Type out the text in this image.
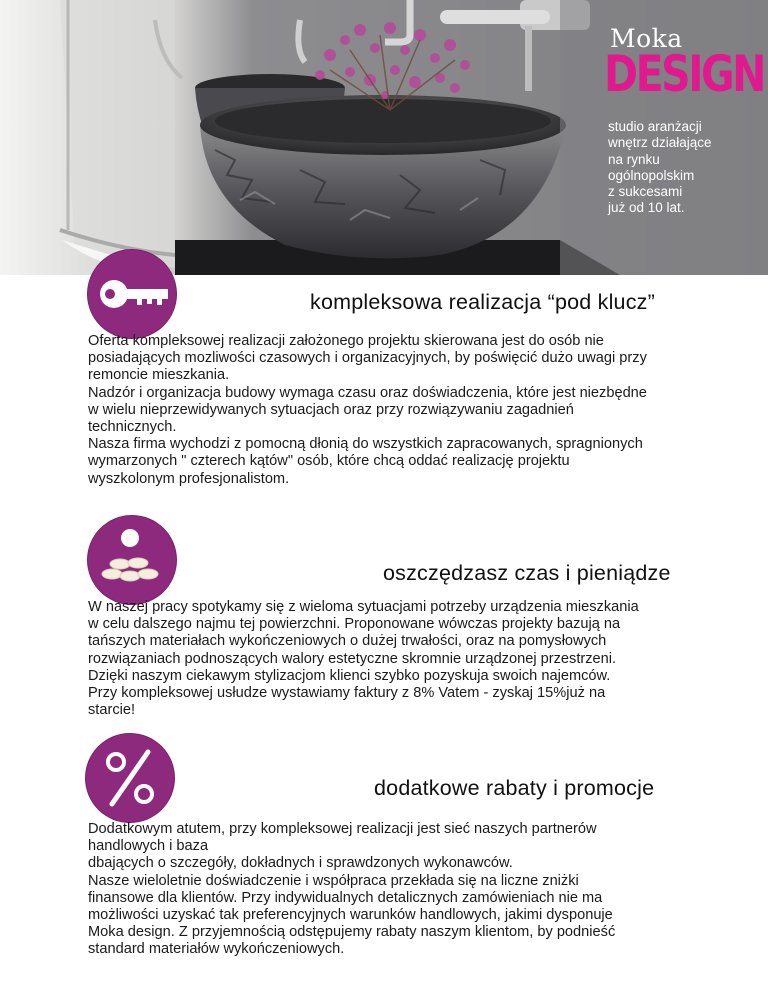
Moka
DESIGN
studio aranżacji
wnętrz działające
na rynku
ogólnopolskim
z sukcesami
już od 10 lat.
kompleksowa realizacja “pod klucz”
Oferta kompleksowej realizacji założonego projektu skierowana jest do osób nie
posiadających mozliwości czasowych i organizacyjnych, by poświęcić dużo uwagi przy
remoncie mieszkania.
Nadzór i organizacja budowy wymaga czasu oraz doświadczenia, które jest niezbędne
w wielu nieprzewidywanych sytuacjach oraz przy rozwiązywaniu zagadnień
technicznych.
Nasza firma wychodzi z pomocną dłonią do wszystkich zapracowanych, spragnionych
wymarzonych " czterech kątów" osób, które chcą oddać realizację projektu
wyszkolonym profesjonalistom.
oszczędzasz czas i pieniądze
W naszej pracy spotykamy się z wieloma sytuacjami potrzeby urządzenia mieszkania
w celu dalszego najmu tej powierzchni. Proponowane wówczas projekty bazują na
tańszych materiałach wykończeniowych o dużej trwałości, oraz na pomysłowych
rozwiązaniach podnoszących walory estetyczne skromnie urządzonej przestrzeni.
Dzięki naszym ciekawym stylizacjom klienci szybko pozyskuja swoich najemców.
Przy kompleksowej usłudze wystawiamy faktury z 8% Vatem - zyskaj 15%już na
starcie!
dodatkowe rabaty i promocje
Dodatkowym atutem, przy kompleksowej realizacji jest sieć naszych partnerów
handlowych i baza
dbających o szczegóły, dokładnych i sprawdzonych wykonawców.
Nasze wieloletnie doświadczenie i współpraca przekłada się na liczne zniżki
finansowe dla klientów. Przy indywidualnych detalicznych zamówieniach nie ma
możliwości uzyskać tak preferencyjnych warunków handlowych, jakimi dysponuje
Moka design. Z przyjemnością odstępujemy rabaty naszym klientom, by podnieść
standard materiałów wykończeniowych.
